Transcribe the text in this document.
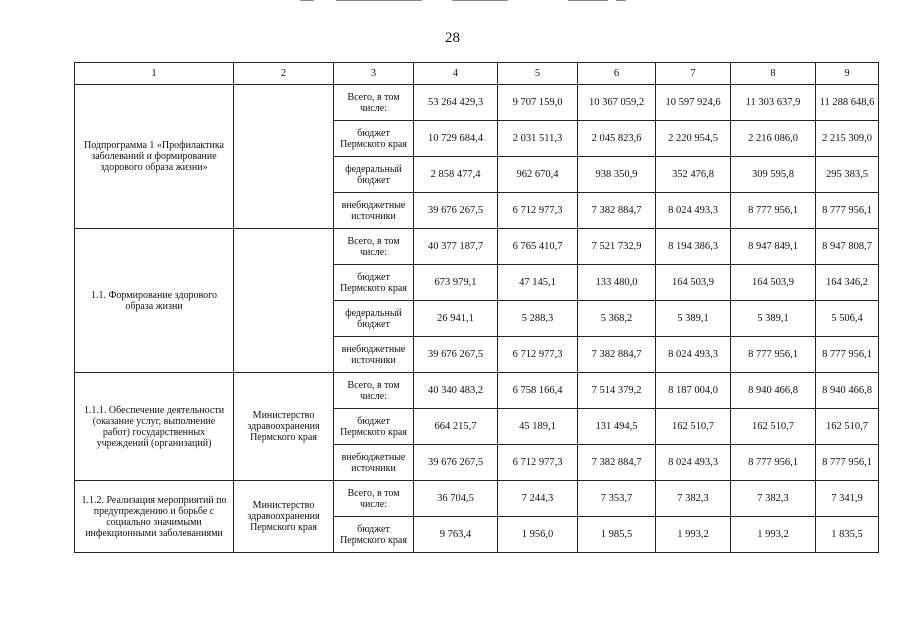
28
1	2	3	4	5	6	7	8	9
Подпрограмма 1 «Профилактика заболеваний и формирование здорового образа жизни»		Всего, в том числе:	53 264 429,3	9 707 159,0	10 367 059,2	10 597 924,6	11 303 637,9	11 288 648,6
		бюджет Пермского края	10 729 684,4	2 031 511,3	2 045 823,6	2 220 954,5	2 216 086,0	2 215 309,0
		федеральный бюджет	2 858 477,4	962 670,4	938 350,9	352 476,8	309 595,8	295 383,5
		внебюджетные источники	39 676 267,5	6 712 977,3	7 382 884,7	8 024 493,3	8 777 956,1	8 777 956,1
1.1. Формирование здорового образа жизни		Всего, в том числе:	40 377 187,7	6 765 410,7	7 521 732,9	8 194 386,3	8 947 849,1	8 947 808,7
		бюджет Пермского края	673 979,1	47 145,1	133 480,0	164 503,9	164 503,9	164 346,2
		федеральный бюджет	26 941,1	5 288,3	5 368,2	5 389,1	5 389,1	5 506,4
		внебюджетные источники	39 676 267,5	6 712 977,3	7 382 884,7	8 024 493,3	8 777 956,1	8 777 956,1
1.1.1. Обеспечение деятельности (оказание услуг, выполнение работ) государственных учреждений (организаций)	Министерство здравоохранения Пермского края	Всего, в том числе:	40 340 483,2	6 758 166,4	7 514 379,2	8 187 004,0	8 940 466,8	8 940 466,8
		бюджет Пермского края	664 215,7	45 189,1	131 494,5	162 510,7	162 510,7	162 510,7
		внебюджетные источники	39 676 267,5	6 712 977,3	7 382 884,7	8 024 493,3	8 777 956,1	8 777 956,1
1.1.2. Реализация мероприятий по предупреждению и борьбе с социально значимыми инфекционными заболеваниями	Министерство здравоохранения Пермского края	Всего, в том числе:	36 704,5	7 244,3	7 353,7	7 382,3	7 382,3	7 341,9
		бюджет Пермского края	9 763,4	1 956,0	1 985,5	1 993,2	1 993,2	1 835,5
